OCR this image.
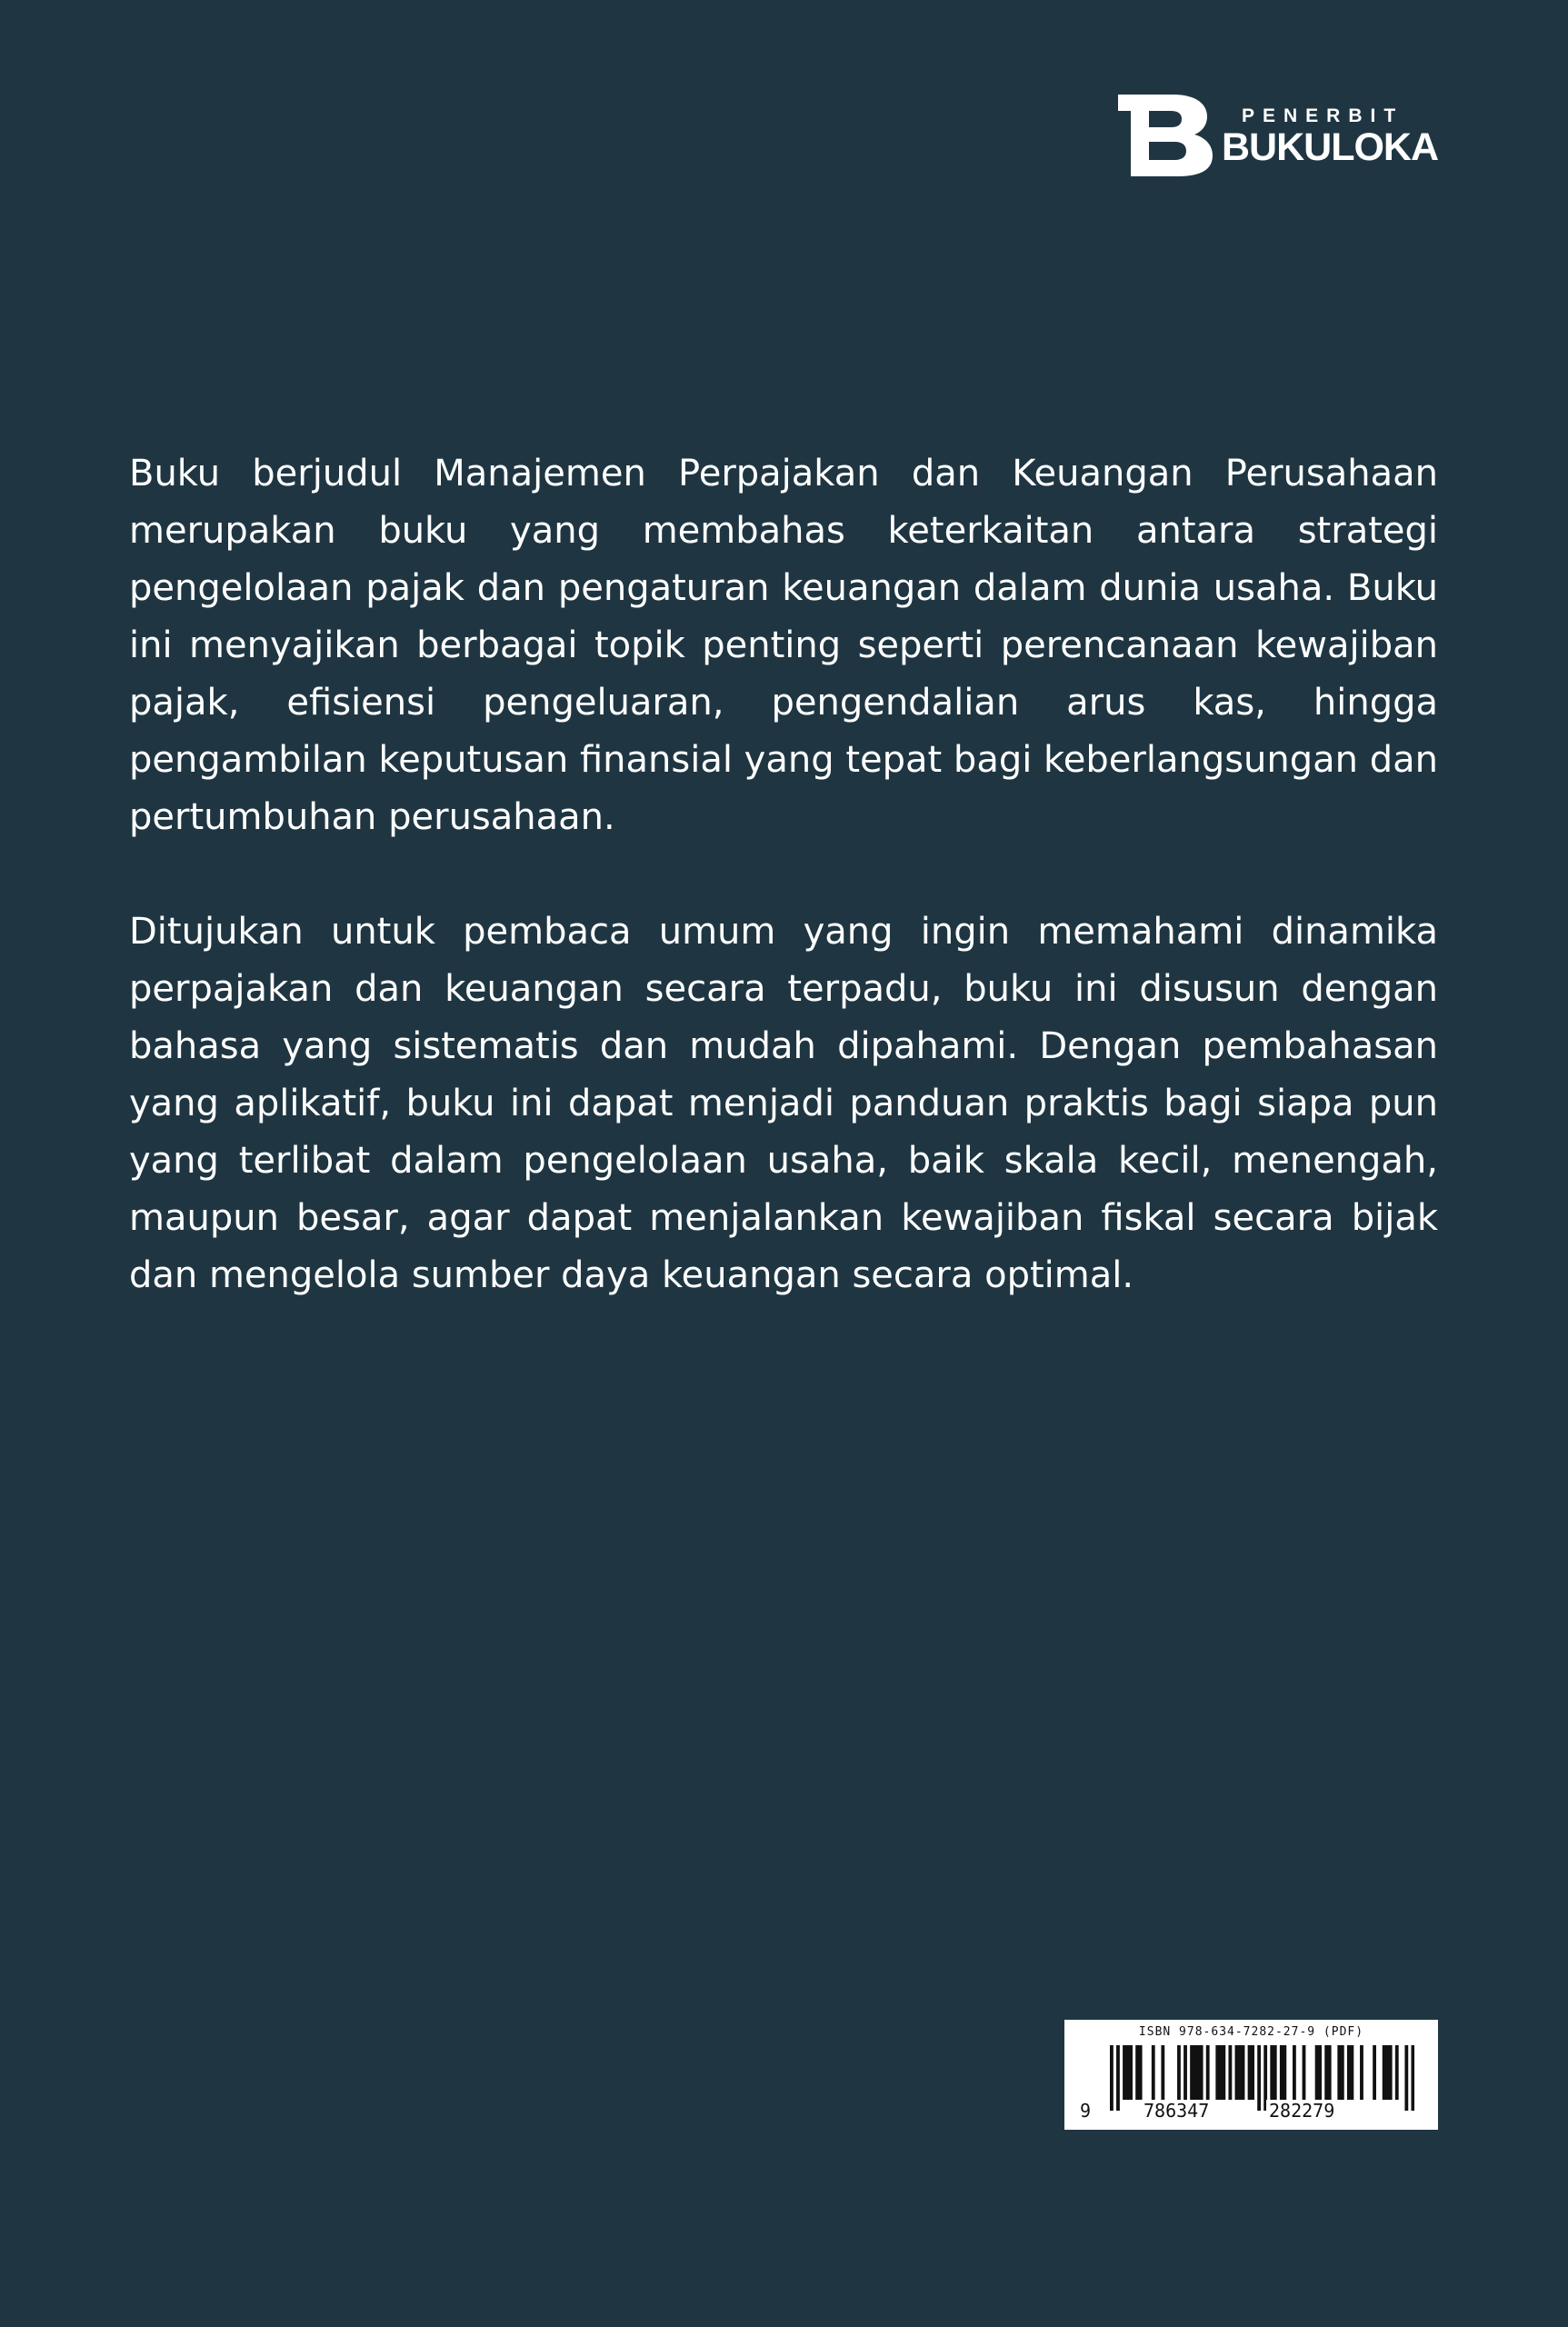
PENERBIT
BUKULOKA

Buku berjudul Manajemen Perpajakan dan Keuangan Perusahaan merupakan buku yang membahas keterkaitan antara strategi pengelolaan pajak dan pengaturan keuangan dalam dunia usaha. Buku ini menyajikan berbagai topik penting seperti perencanaan kewajiban pajak, efisiensi pengeluaran, pengendalian arus kas, hingga pengambilan keputusan finansial yang tepat bagi keberlangsungan dan pertumbuhan perusahaan.

Ditujukan untuk pembaca umum yang ingin memahami dinamika perpajakan dan keuangan secara terpadu, buku ini disusun dengan bahasa yang sistematis dan mudah dipahami. Dengan pembahasan yang aplikatif, buku ini dapat menjadi panduan praktis bagi siapa pun yang terlibat dalam pengelolaan usaha, baik skala kecil, menengah, maupun besar, agar dapat menjalankan kewajiban fiskal secara bijak dan mengelola sumber daya keuangan secara optimal.

ISBN 978-634-7282-27-9 (PDF)
9	786347	282279
